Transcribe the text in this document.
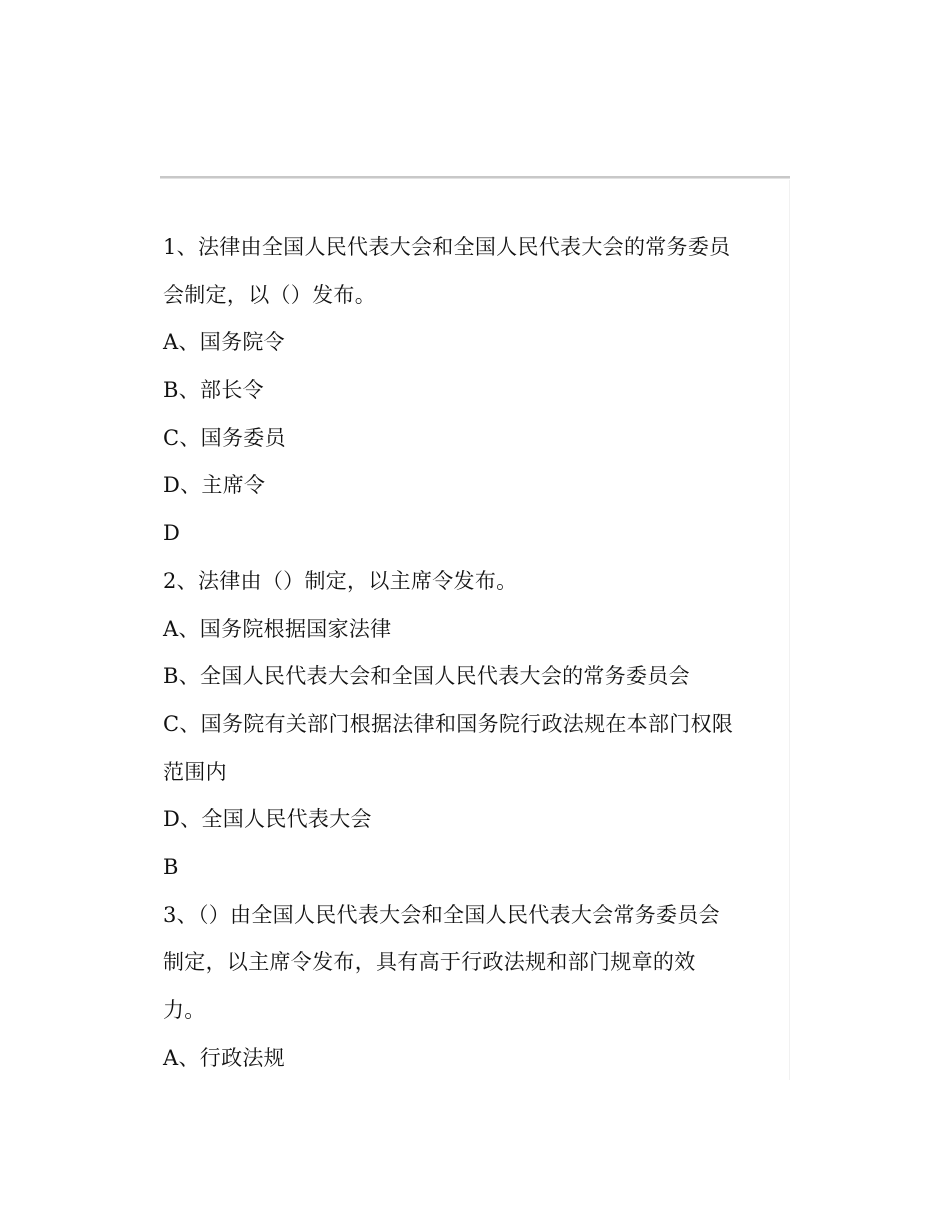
1、法律由全国人民代表大会和全国人民代表大会的常务委员
会制定，以（）发布。
A、国务院令
B、部长令
C、国务委员
D、主席令
D
2、法律由（）制定，以主席令发布。
A、国务院根据国家法律
B、全国人民代表大会和全国人民代表大会的常务委员会
C、国务院有关部门根据法律和国务院行政法规在本部门权限
范围内
D、全国人民代表大会
B
3、（）由全国人民代表大会和全国人民代表大会常务委员会
制定，以主席令发布，具有高于行政法规和部门规章的效
力。
A、行政法规
